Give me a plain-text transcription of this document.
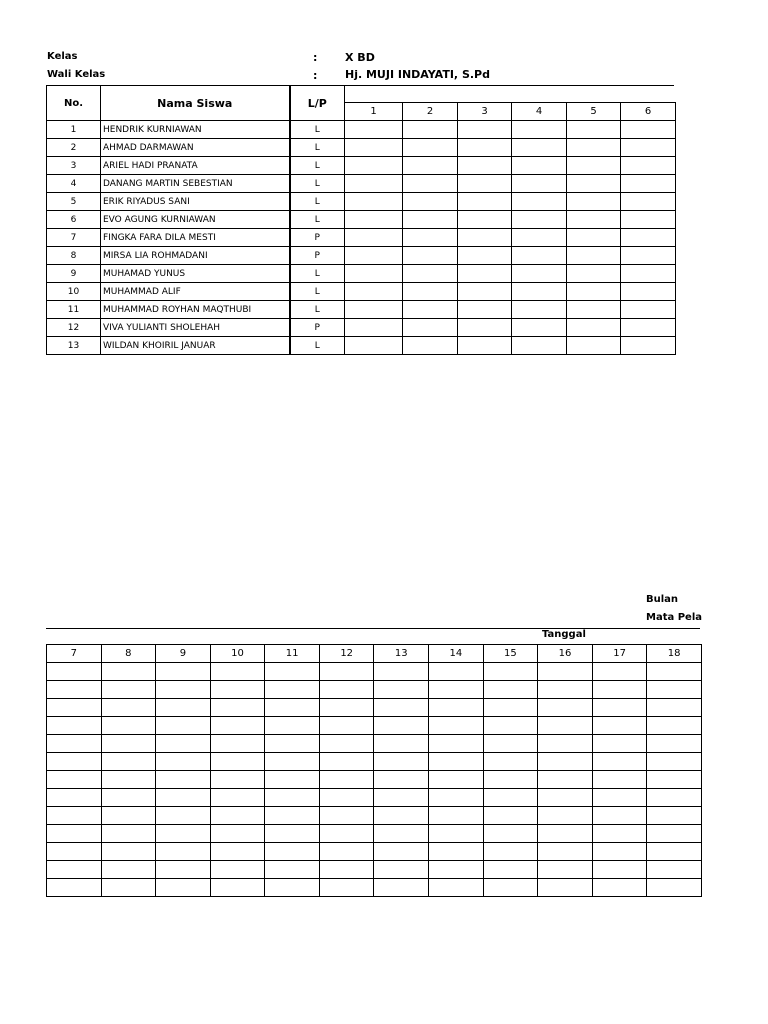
Kelas	:	X BD
Wali Kelas	:	Hj. MUJI INDAYATI, S.Pd
No.	Nama Siswa	L/P						
			1	2	3	4	5	6
1	HENDRIK KURNIAWAN	L						
2	AHMAD DARMAWAN	L						
3	ARIEL HADI PRANATA	L						
4	DANANG MARTIN SEBESTIAN	L						
5	ERIK RIYADUS SANI	L						
6	EVO AGUNG KURNIAWAN	L						
7	FINGKA FARA DILA MESTI	P						
8	MIRSA LIA ROHMADANI	P						
9	MUHAMAD YUNUS	L						
10	MUHAMMAD ALIF	L						
11	MUHAMMAD ROYHAN MAQTHUBI	L						
12	VIVA YULIANTI SHOLEHAH	P						
13	WILDAN KHOIRIL JANUAR	L						
Bulan
Mata Pela
Tanggal
7	8	9	10	11	12	13	14	15	16	17	18
